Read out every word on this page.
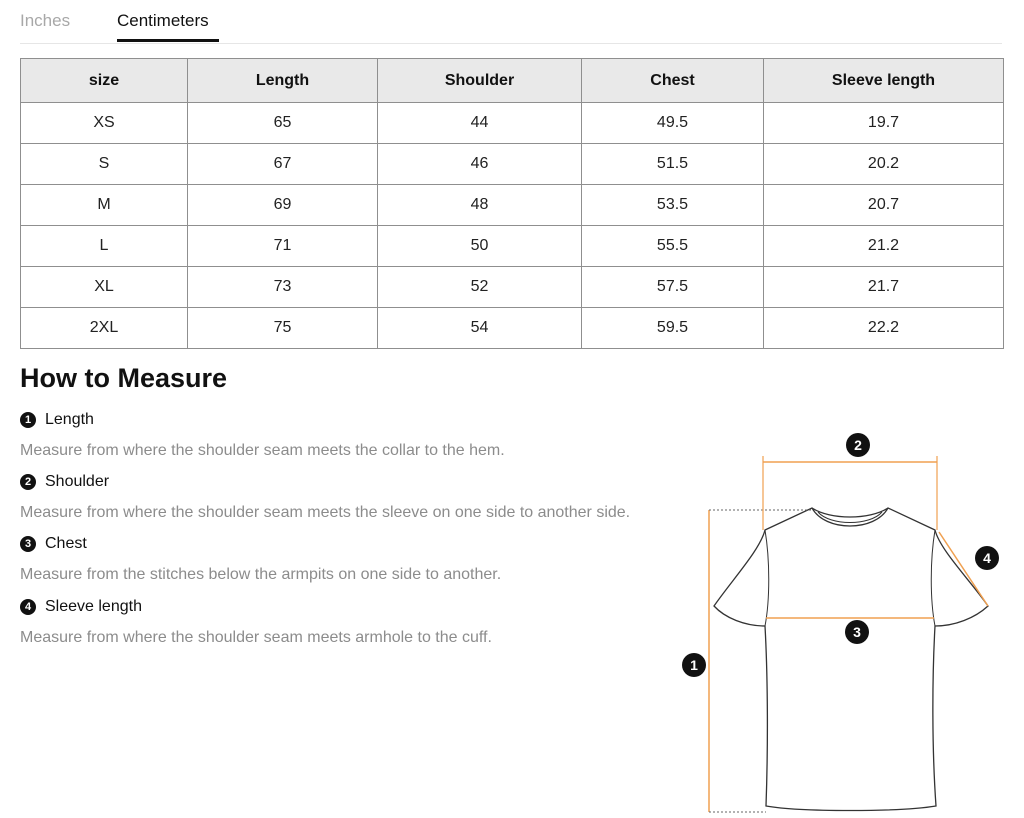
Inches	Centimeters
size	Length	Shoulder	Chest	Sleeve length
XS	65	44	49.5	19.7
S	67	46	51.5	20.2
M	69	48	53.5	20.7
L	71	50	55.5	21.2
XL	73	52	57.5	21.7
2XL	75	54	59.5	22.2
How to Measure
1 Length
Measure from where the shoulder seam meets the collar to the hem.
2 Shoulder
Measure from where the shoulder seam meets the sleeve on one side to another side.
3 Chest
Measure from the stitches below the armpits on one side to another.
4 Sleeve length
Measure from where the shoulder seam meets armhole to the cuff.
1
2
3
4
